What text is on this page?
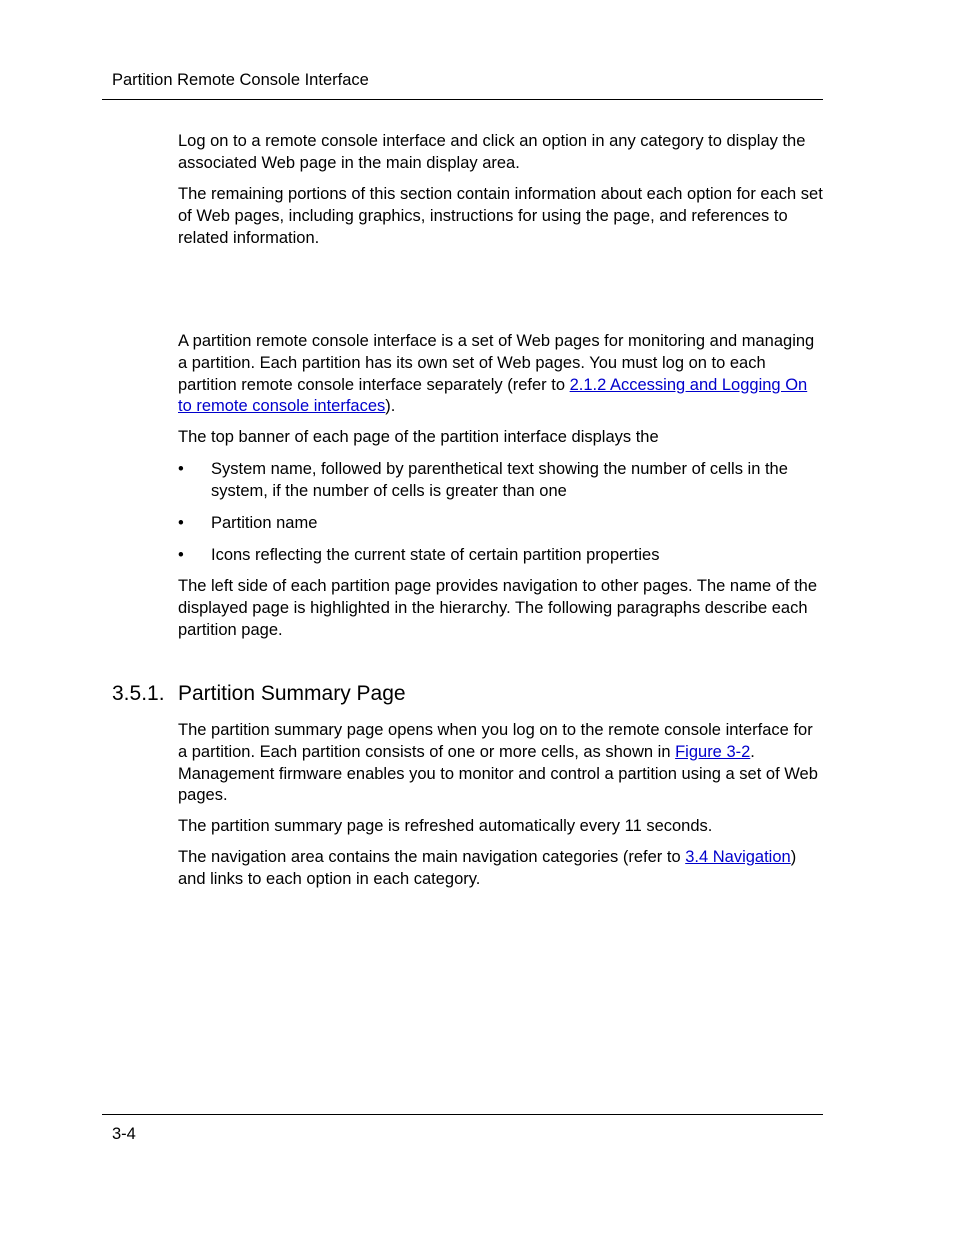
Partition Remote Console Interface

Log on to a remote console interface and click an option in any category to display the associated Web page in the main display area.

The remaining portions of this section contain information about each option for each set of Web pages, including graphics, instructions for using the page, and references to related information.

A partition remote console interface is a set of Web pages for monitoring and managing a partition. Each partition has its own set of Web pages. You must log on to each partition remote console interface separately (refer to 2.1.2 Accessing and Logging On to remote console interfaces).

The top banner of each page of the partition interface displays the

• System name, followed by parenthetical text showing the number of cells in the system, if the number of cells is greater than one
• Partition name
• Icons reflecting the current state of certain partition properties

The left side of each partition page provides navigation to other pages. The name of the displayed page is highlighted in the hierarchy. The following paragraphs describe each partition page.

3.5.1. Partition Summary Page

The partition summary page opens when you log on to the remote console interface for a partition. Each partition consists of one or more cells, as shown in Figure 3-2. Management firmware enables you to monitor and control a partition using a set of Web pages.

The partition summary page is refreshed automatically every 11 seconds.

The navigation area contains the main navigation categories (refer to 3.4 Navigation) and links to each option in each category.

3-4
